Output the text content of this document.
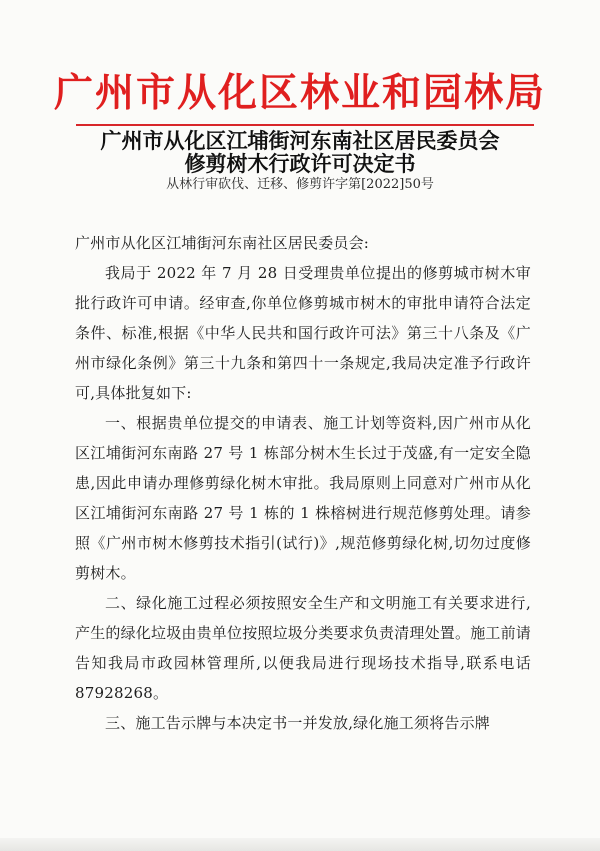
广州市从化区林业和园林局
广州市从化区江埔街河东南社区居民委员会
修剪树木行政许可决定书
从林行审砍伐、迁移、修剪许字第[2022]50号

广州市从化区江埔街河东南社区居民委员会:

我局于 2022 年 7 月 28 日受理贵单位提出的修剪城市树木审批行政许可申请。经审查,你单位修剪城市树木的审批申请符合法定条件、标准,根据《中华人民共和国行政许可法》第三十八条及《广州市绿化条例》第三十九条和第四十一条规定,我局决定准予行政许可,具体批复如下:

一、根据贵单位提交的申请表、施工计划等资料,因广州市从化区江埔街河东南路 27 号 1 栋部分树木生长过于茂盛,有一定安全隐患,因此申请办理修剪绿化树木审批。我局原则上同意对广州市从化区江埔街河东南路 27 号 1 栋的 1 株榕树进行规范修剪处理。请参照《广州市树木修剪技术指引(试行)》,规范修剪绿化树,切勿过度修剪树木。

二、绿化施工过程必须按照安全生产和文明施工有关要求进行,产生的绿化垃圾由贵单位按照垃圾分类要求负责清理处置。施工前请告知我局市政园林管理所,以便我局进行现场技术指导,联系电话 87928268。

三、施工告示牌与本决定书一并发放,绿化施工须将告示牌
